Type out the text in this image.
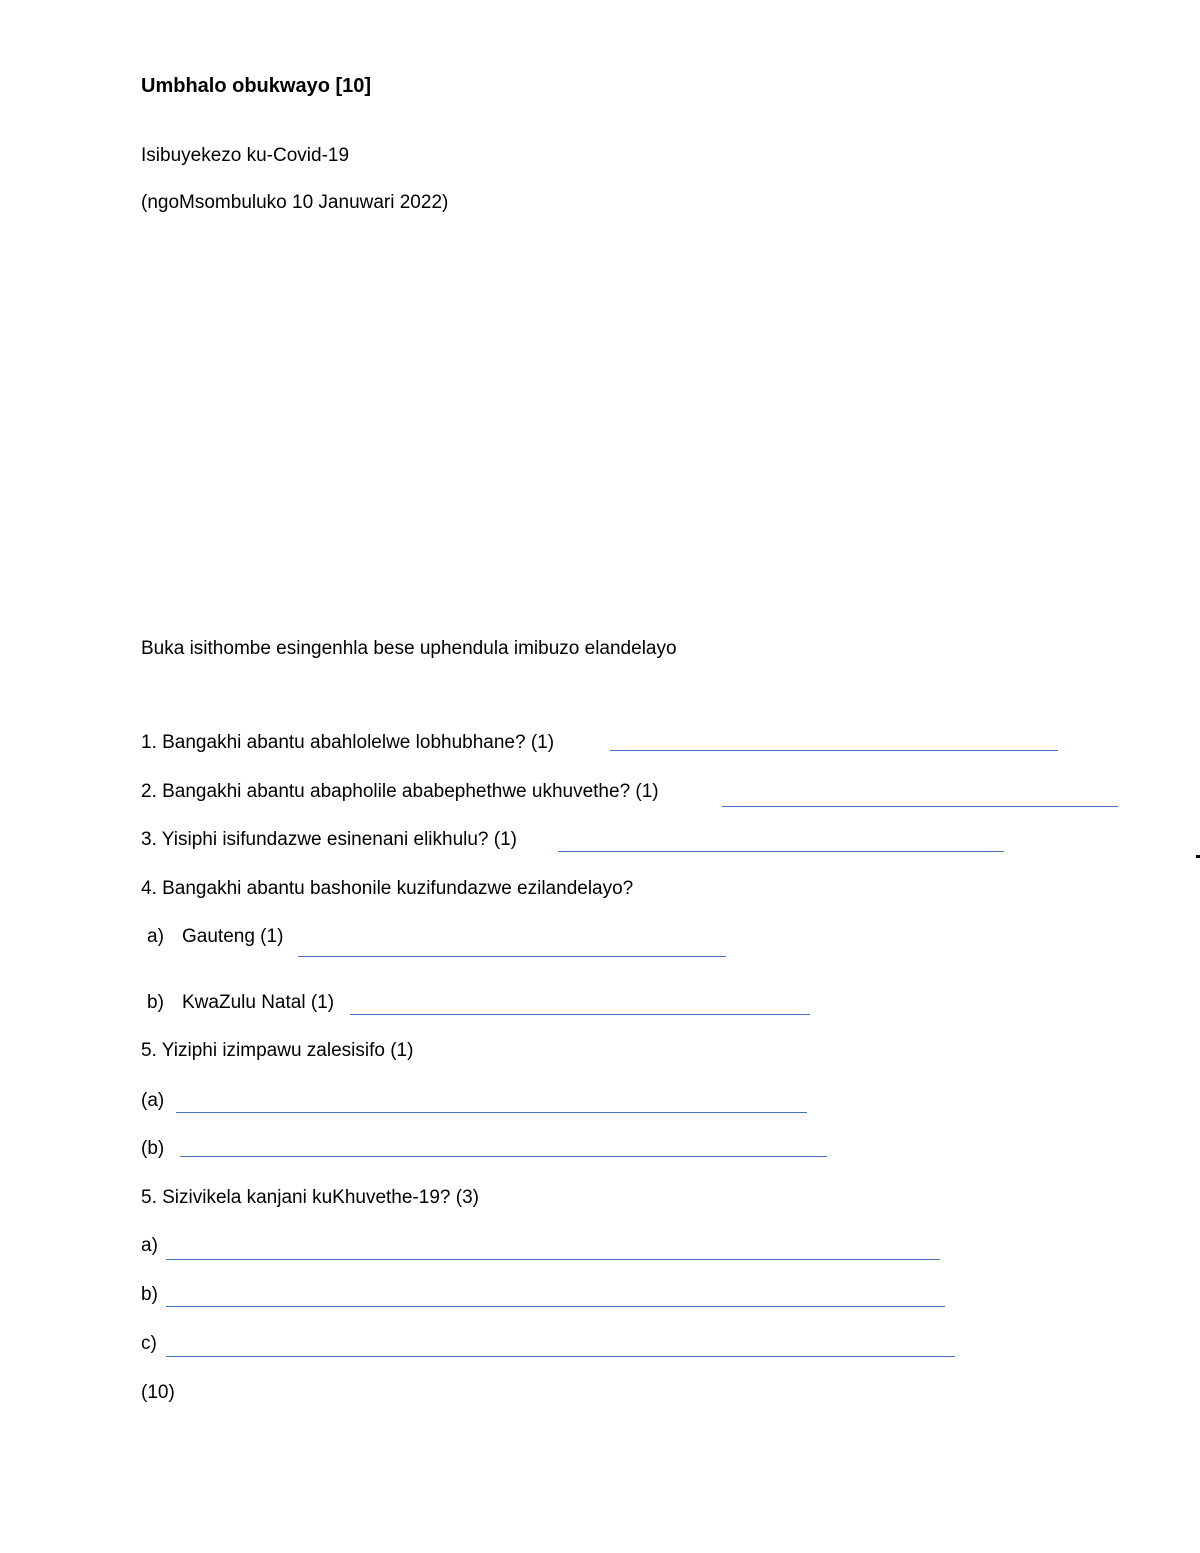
Umbhalo obukwayo [10]
Isibuyekezo ku-Covid-19
(ngoMsombuluko 10 Januwari 2022)
Buka isithombe esingenhla bese uphendula imibuzo elandelayo
1. Bangakhi abantu abahlolelwe lobhubhane? (1)
2. Bangakhi abantu abapholile ababephethwe ukhuvethe? (1)
3. Yisiphi isifundazwe esinenani elikhulu? (1)
4. Bangakhi abantu bashonile kuzifundazwe ezilandelayo?
a) Gauteng (1)
b) KwaZulu Natal (1)
5. Yiziphi izimpawu zalesisifo (1)
(a)
(b)
5. Sizivikela kanjani kuKhuvethe-19? (3)
a)
b)
c)
(10)
